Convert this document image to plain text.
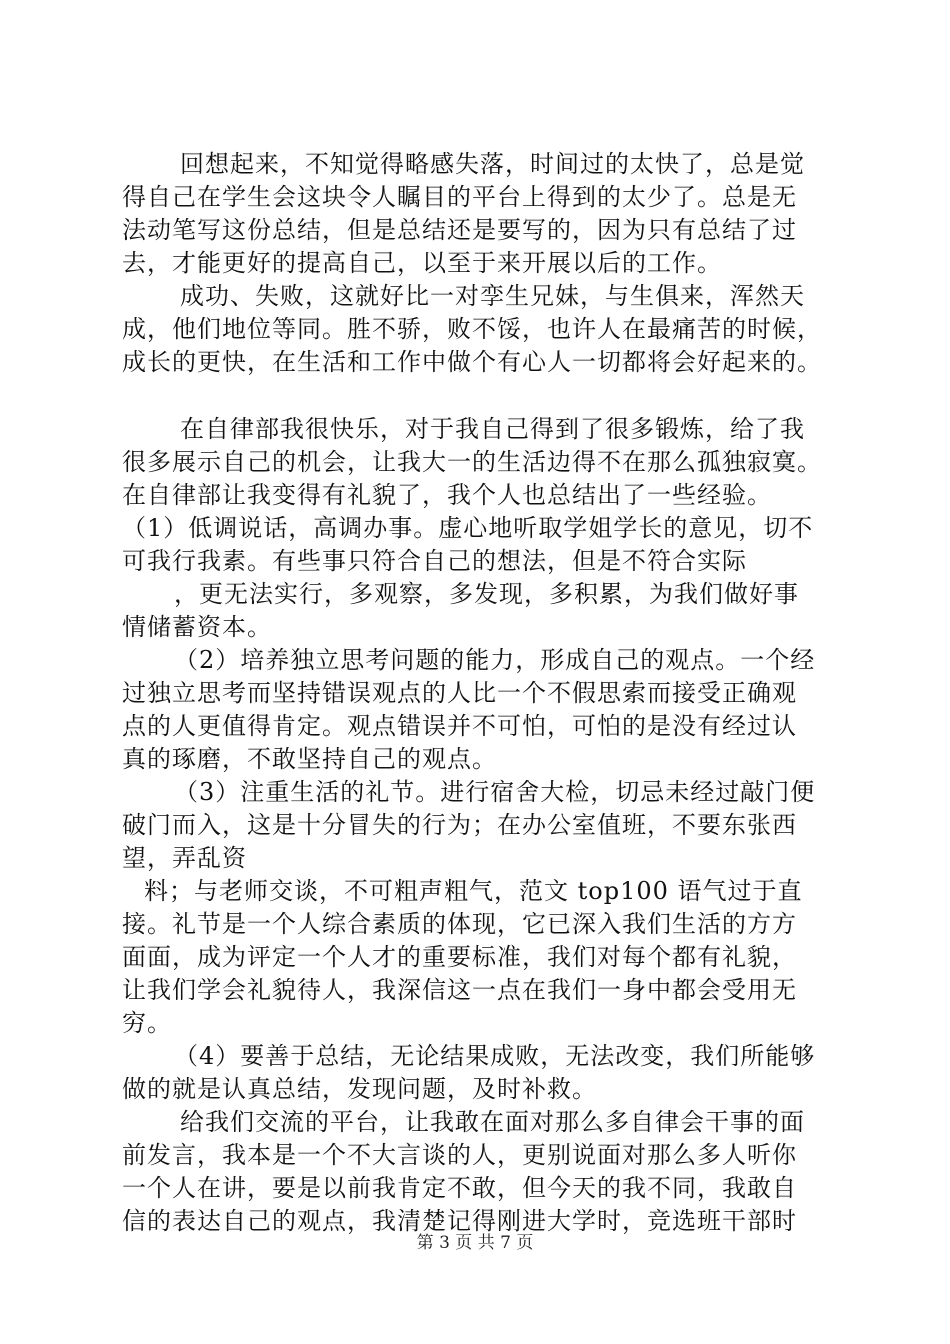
回想起来，不知觉得略感失落，时间过的太快了，总是觉
得自己在学生会这块令人瞩目的平台上得到的太少了。总是无
法动笔写这份总结，但是总结还是要写的，因为只有总结了过
去，才能更好的提高自己，以至于来开展以后的工作。
成功、失败，这就好比一对孪生兄妹，与生俱来，浑然天
成，他们地位等同。胜不骄，败不馁，也许人在最痛苦的时候，
成长的更快，在生活和工作中做个有心人一切都将会好起来的。
在自律部我很快乐，对于我自己得到了很多锻炼，给了我
很多展示自己的机会，让我大一的生活边得不在那么孤独寂寞。
在自律部让我变得有礼貌了，我个人也总结出了一些经验。
（1）低调说话，高调办事。虚心地听取学姐学长的意见，切不
可我行我素。有些事只符合自己的想法，但是不符合实际
，更无法实行，多观察，多发现，多积累，为我们做好事
情储蓄资本。
（2）培养独立思考问题的能力，形成自己的观点。一个经
过独立思考而坚持错误观点的人比一个不假思索而接受正确观
点的人更值得肯定。观点错误并不可怕，可怕的是没有经过认
真的琢磨，不敢坚持自己的观点。
（3）注重生活的礼节。进行宿舍大检，切忌未经过敲门便
破门而入，这是十分冒失的行为；在办公室值班，不要东张西
望，弄乱资
料；与老师交谈，不可粗声粗气，范文 top100 语气过于直
接。礼节是一个人综合素质的体现，它已深入我们生活的方方
面面，成为评定一个人才的重要标准，我们对每个都有礼貌，
让我们学会礼貌待人，我深信这一点在我们一身中都会受用无
穷。
（4）要善于总结，无论结果成败，无法改变，我们所能够
做的就是认真总结，发现问题，及时补救。
给我们交流的平台，让我敢在面对那么多自律会干事的面
前发言，我本是一个不大言谈的人，更别说面对那么多人听你
一个人在讲，要是以前我肯定不敢，但今天的我不同，我敢自
信的表达自己的观点，我清楚记得刚进大学时，竞选班干部时
第 3 页 共 7 页
